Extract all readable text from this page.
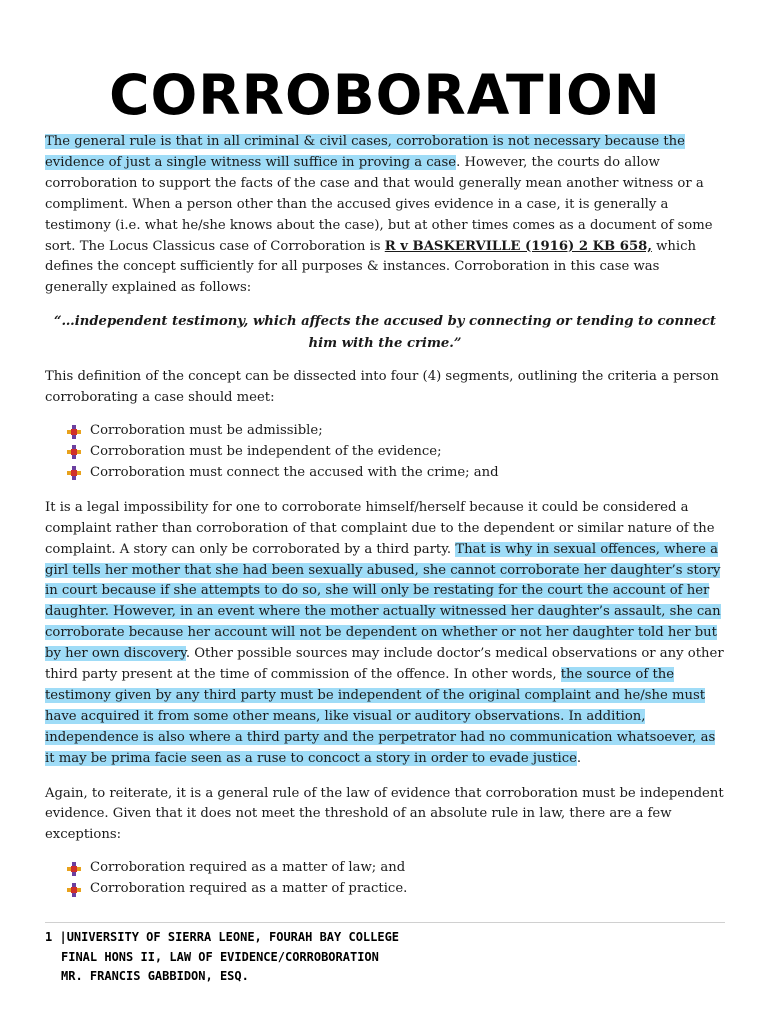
CORROBORATION

The general rule is that in all criminal & civil cases, corroboration is not necessary because the evidence of just a single witness will suffice in proving a case. However, the courts do allow corroboration to support the facts of the case and that would generally mean another witness or a compliment. When a person other than the accused gives evidence in a case, it is generally a testimony (i.e. what he/she knows about the case), but at other times comes as a document of some sort. The Locus Classicus case of Corroboration is R v BASKERVILLE (1916) 2 KB 658, which defines the concept sufficiently for all purposes & instances. Corroboration in this case was generally explained as follows:

“…independent testimony, which affects the accused by connecting or tending to connect him with the crime.”

This definition of the concept can be dissected into four (4) segments, outlining the criteria a person corroborating a case should meet:

Corroboration must be admissible;
Corroboration must be independent of the evidence;
Corroboration must connect the accused with the crime; and

It is a legal impossibility for one to corroborate himself/herself because it could be considered a complaint rather than corroboration of that complaint due to the dependent or similar nature of the complaint. A story can only be corroborated by a third party. That is why in sexual offences, where a girl tells her mother that she had been sexually abused, she cannot corroborate her daughter’s story in court because if she attempts to do so, she will only be restating for the court the account of her daughter. However, in an event where the mother actually witnessed her daughter’s assault, she can corroborate because her account will not be dependent on whether or not her daughter told her but by her own discovery. Other possible sources may include doctor’s medical observations or any other third party present at the time of commission of the offence. In other words, the source of the testimony given by any third party must be independent of the original complaint and he/she must have acquired it from some other means, like visual or auditory observations. In addition, independence is also where a third party and the perpetrator had no communication whatsoever, as it may be prima facie seen as a ruse to concoct a story in order to evade justice.

Again, to reiterate, it is a general rule of the law of evidence that corroboration must be independent evidence. Given that it does not meet the threshold of an absolute rule in law, there are a few exceptions:

Corroboration required as a matter of law; and
Corroboration required as a matter of practice.
1 |UNIVERSITY OF SIERRA LEONE, FOURAH BAY COLLEGE
FINAL HONS II, LAW OF EVIDENCE/CORROBORATION
MR. FRANCIS GABBIDON, ESQ.
